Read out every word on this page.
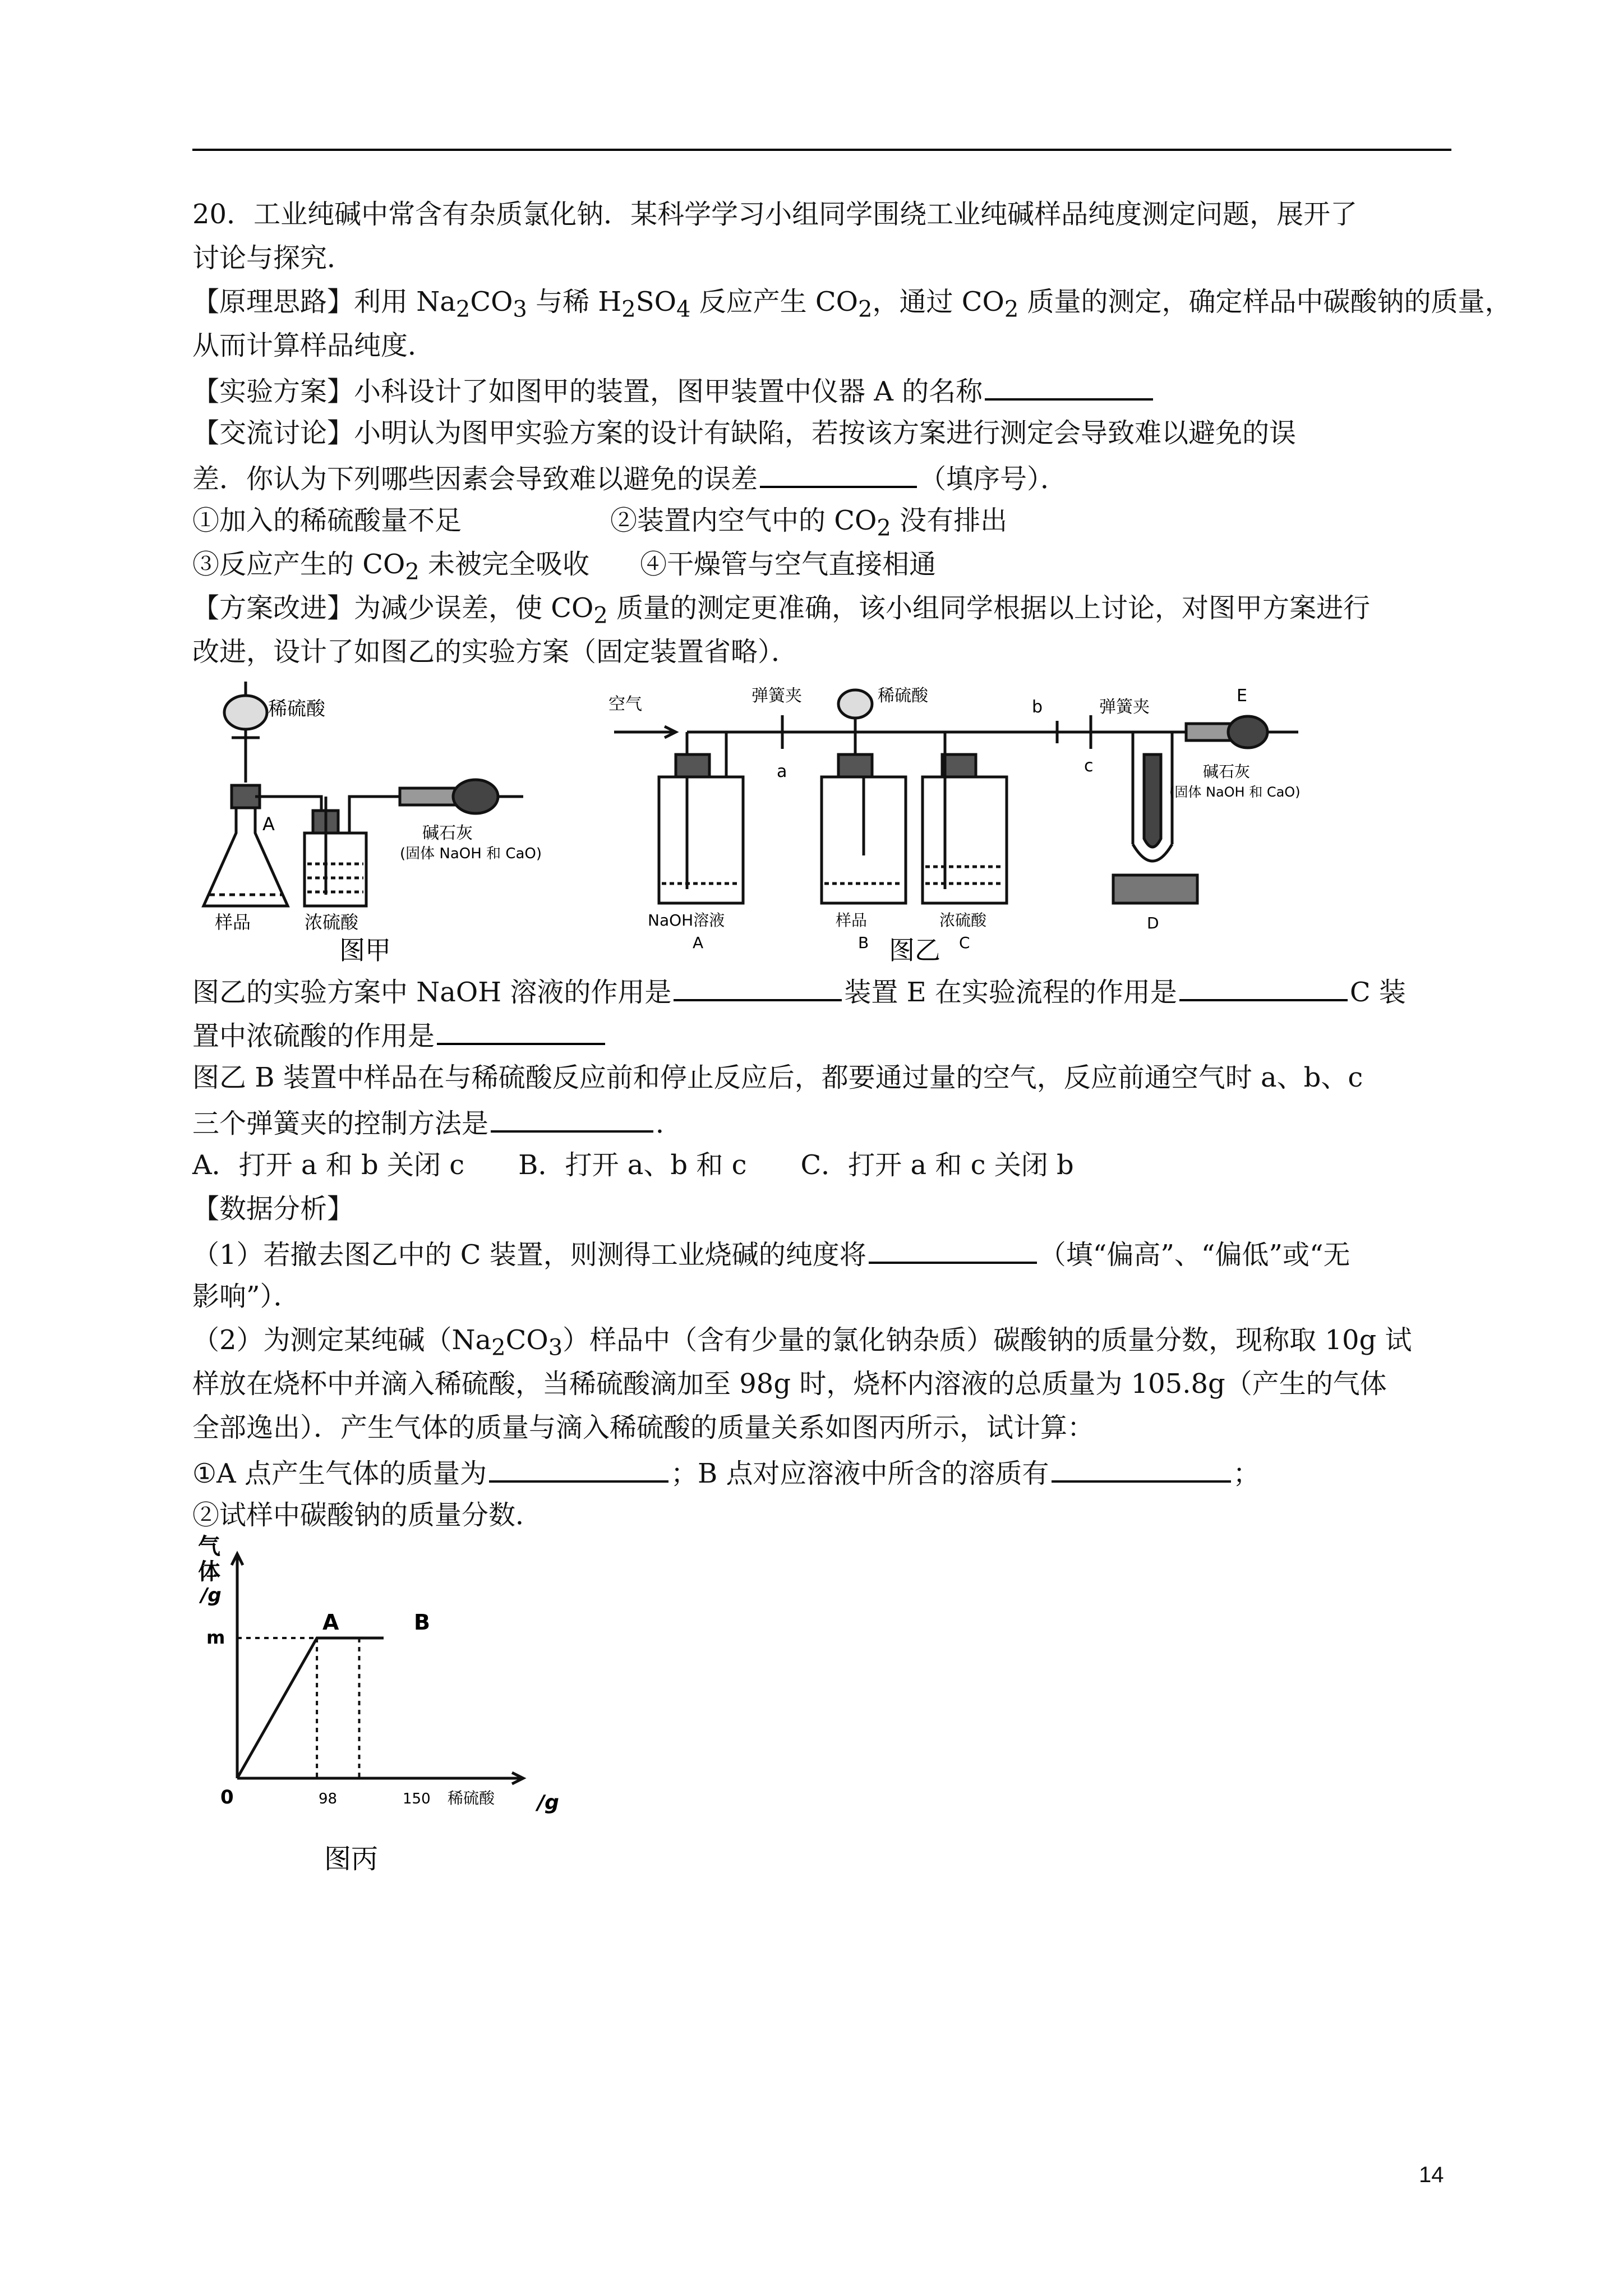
20．工业纯碱中常含有杂质氯化钠．某科学学习小组同学围绕工业纯碱样品纯度测定问题，展开了
讨论与探究．
【原理思路】利用 $Na_2CO_3$ 与稀 $H_2SO_4$ 反应产生 $CO_2$，通过 $CO_2$ 质量的测定，确定样品中碳酸钠的质量，
从而计算样品纯度．
【实验方案】小科设计了如图甲的装置，图甲装置中仪器 A 的名称
【交流讨论】小明认为图甲实验方案的设计有缺陷，若按该方案进行测定会导致难以避免的误
差．你认为下列哪些因素会导致难以避免的误差	（填序号）．
①加入的稀硫酸量不足	②装置内空气中的 $CO_2$ 没有排出
③反应产生的 $CO_2$ 未被完全吸收 ④干燥管与空气直接相通
【方案改进】为减少误差，使 $CO_2$ 质量的测定更准确，该小组同学根据以上讨论，对图甲方案进行
改进，设计了如图乙的实验方案（固定装置省略）．
稀硫酸
A	碱石灰
(固体 NaOH 和 CaO)
样品	浓硫酸
图甲
空气	弹簧夹
a
稀硫酸
b	弹簧夹
c
E
碱石灰
(固体 NaOH 和 CaO)
NaOH溶液
A
样品
B
浓硫酸
C
D
图乙
图乙的实验方案中 NaOH 溶液的作用是	装置 E 在实验流程的作用是	C 装
置中浓硫酸的作用是
图乙 B 装置中样品在与稀硫酸反应前和停止反应后，都要通过量的空气，反应前通空气时 a、b、c
三个弹簧夹的控制方法是	．
A．打开 a 和 b 关闭 c　　B．打开 a、b 和 c　　C．打开 a 和 c 关闭 b
【数据分析】
（1）若撤去图乙中的 C 装置，则测得工业烧碱的纯度将	（填“偏高”、“偏低”或“无
影响”）．
（2）为测定某纯碱$(Na_2CO_3)$样品中（含有少量的氯化钠杂质）碳酸钠的质量分数，现称取 10g 试
样放在烧杯中并滴入稀硫酸，当稀硫酸滴加至 98g 时，烧杯内溶液的总质量为 105.8g（产生的气体
全部逸出）．产生气体的质量与滴入稀硫酸的质量关系如图丙所示，试计算：
①A 点产生气体的质量为	；B 点对应溶液中所含的溶质有	；
②试样中碳酸钠的质量分数．
气
体
/g
m
0	98	150 稀硫酸 /g
A	B
图丙
14
